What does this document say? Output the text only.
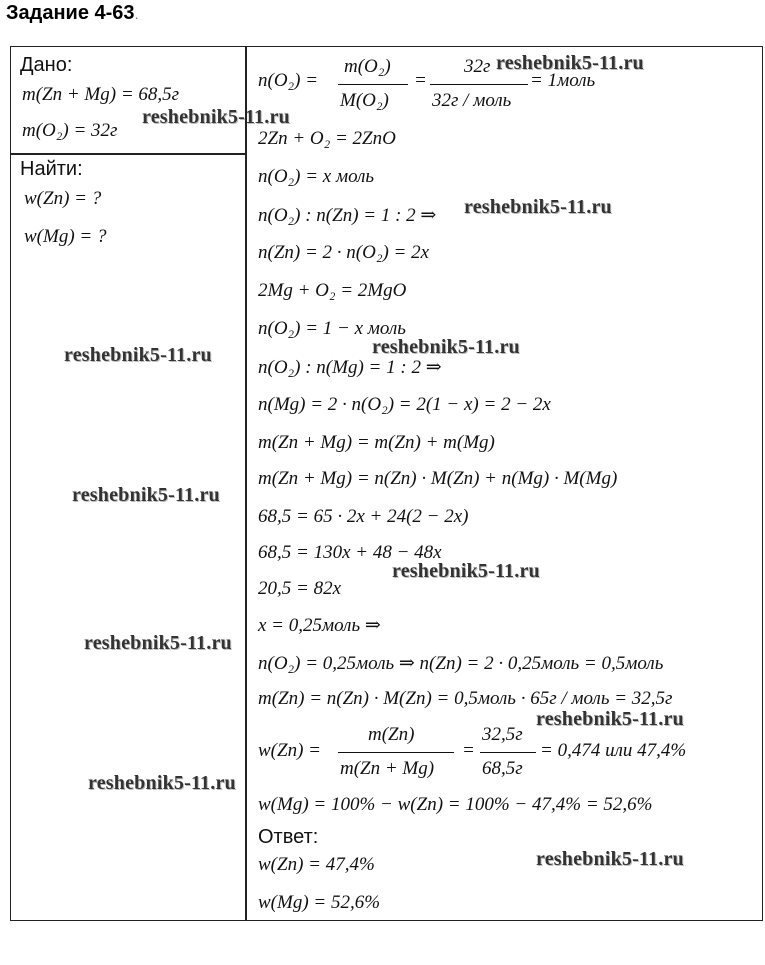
Задание 4-63.
Дано:
m(Zn + Mg) = 68,5г
m(O₂) = 32г
Найти:
w(Zn) = ?
w(Mg) = ?
n(O₂) =
m(O₂)
M(O₂)
=
32г
32г / моль
= 1моль
2Zn + O₂ = 2ZnO
n(O₂) = x моль
n(O₂) : n(Zn) = 1 : 2 ⇒
n(Zn) = 2 · n(O₂) = 2x
2Mg + O₂ = 2MgO
n(O₂) = 1 − x моль
n(O₂) : n(Mg) = 1 : 2 ⇒
n(Mg) = 2 · n(O₂) = 2(1 − x) = 2 − 2x
m(Zn + Mg) = m(Zn) + m(Mg)
m(Zn + Mg) = n(Zn) · M(Zn) + n(Mg) · M(Mg)
68,5 = 65 · 2x + 24(2 − 2x)
68,5 = 130x + 48 − 48x
20,5 = 82x
x = 0,25моль ⇒
n(O₂) = 0,25моль ⇒ n(Zn) = 2 · 0,25моль = 0,5моль
m(Zn) = n(Zn) · M(Zn) = 0,5моль · 65г / моль = 32,5г
w(Zn) =
m(Zn)
m(Zn + Mg)
=
32,5г
68,5г
= 0,474 или 47,4%
w(Mg) = 100% − w(Zn) = 100% − 47,4% = 52,6%
Ответ:
w(Zn) = 47,4%
w(Mg) = 52,6%
reshebnik5-11.ru
reshebnik5-11.ru
reshebnik5-11.ru
reshebnik5-11.ru
reshebnik5-11.ru
reshebnik5-11.ru
reshebnik5-11.ru
reshebnik5-11.ru
reshebnik5-11.ru
reshebnik5-11.ru
reshebnik5-11.ru
